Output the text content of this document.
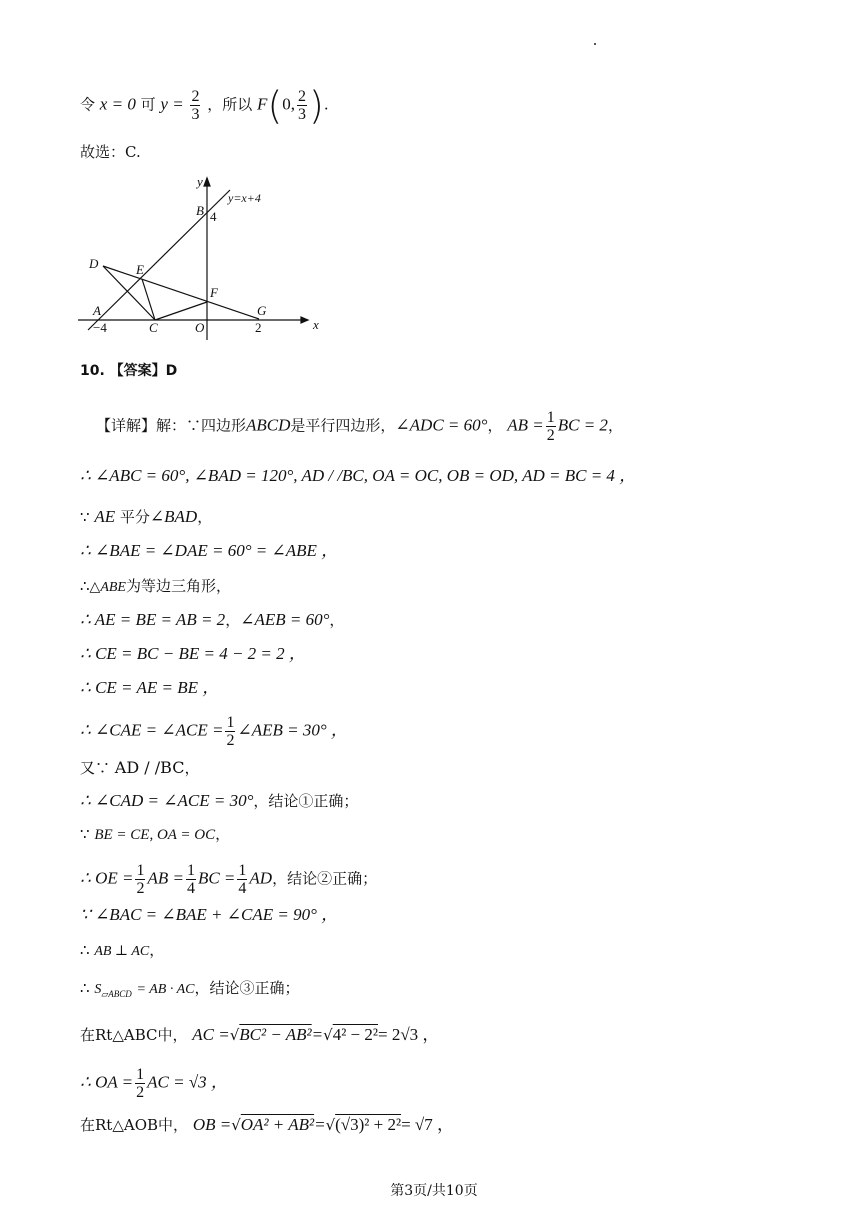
令 x = 0 可 $y = \frac{2}{3}$ ，所以 F(0, $\frac{2}{3}$ ).
故选：C.
y
x
y=x+4
B 4
D	E
F
A	G
−4	C	O	2
10. 【答案】D
【详解】解：∵四边形ABCD是平行四边形，∠ADC = 60°， AB = $\frac{1}{2}$ BC = 2，
∴ ∠ABC = 60°, ∠BAD = 120°, AD / /BC, OA = OC, OB = OD, AD = BC = 4 ，
∵ AE 平分∠BAD，
∴ ∠BAE = ∠DAE = 60° = ∠ABE ，
∴△ABE为等边三角形，
∴ AE = BE = AB = 2，∠AEB = 60°，
∴ CE = BC − BE = 4 − 2 = 2 ，
∴ CE = AE = BE ，
∴ ∠CAE = ∠ACE = $\frac{1}{2}$ ∠AEB = 30° ，
又∵ AD / /BC，
∴ ∠CAD = ∠ACE = 30°，结论①正确；
∵ BE = CE, OA = OC，
∴ OE = $\frac{1}{2}$ AB = $\frac{1}{4}$ BC = $\frac{1}{4}$ AD，结论②正确；
∵ ∠BAC = ∠BAE + ∠CAE = 90° ，
∴ AB ⊥ AC，
∴ $S_{▱ABCD}$ = AB · AC，结论③正确；
在Rt△ABC中， AC =√BC² − AB²=√4² − 2²= 2√3 ，
∴ OA = $\frac{1}{2}$ AC = √3 ，
在Rt△AOB中， OB =√OA² + AB²=√(√3)² + 2²= √7 ，
第3页/共10页
